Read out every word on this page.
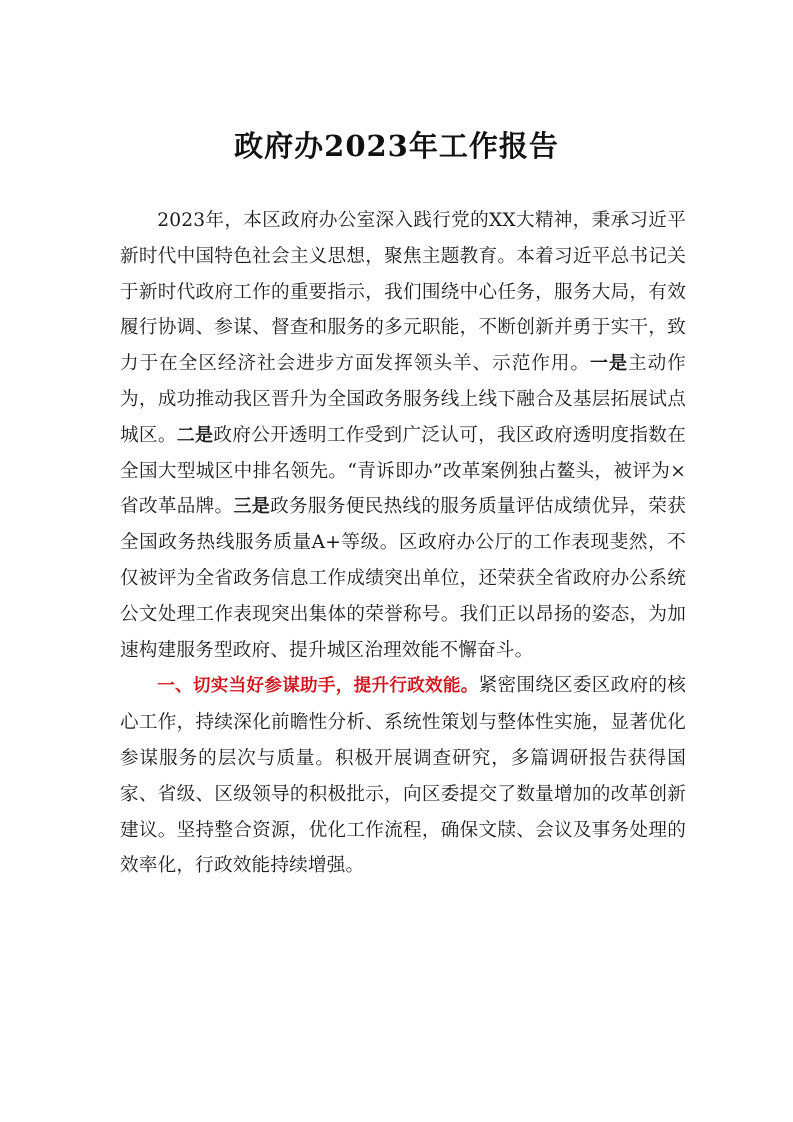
政府办2023年工作报告

2023年，本区政府办公室深入践行党的XX大精神，秉承习近平新时代中国特色社会主义思想，聚焦主题教育。本着习近平总书记关于新时代政府工作的重要指示，我们围绕中心任务，服务大局，有效履行协调、参谋、督查和服务的多元职能，不断创新并勇于实干，致力于在全区经济社会进步方面发挥领头羊、示范作用。一是主动作为，成功推动我区晋升为全国政务服务线上线下融合及基层拓展试点城区。二是政府公开透明工作受到广泛认可，我区政府透明度指数在全国大型城区中排名领先。“青诉即办”改革案例独占鳌头，被评为×省改革品牌。三是政务服务便民热线的服务质量评估成绩优异，荣获全国政务热线服务质量A+等级。区政府办公厅的工作表现斐然，不仅被评为全省政务信息工作成绩突出单位，还荣获全省政府办公系统公文处理工作表现突出集体的荣誉称号。我们正以昂扬的姿态，为加速构建服务型政府、提升城区治理效能不懈奋斗。

一、切实当好参谋助手，提升行政效能。紧密围绕区委区政府的核心工作，持续深化前瞻性分析、系统性策划与整体性实施，显著优化参谋服务的层次与质量。积极开展调查研究，多篇调研报告获得国家、省级、区级领导的积极批示，向区委提交了数量增加的改革创新建议。坚持整合资源，优化工作流程，确保文牍、会议及事务处理的效率化，行政效能持续增强。
